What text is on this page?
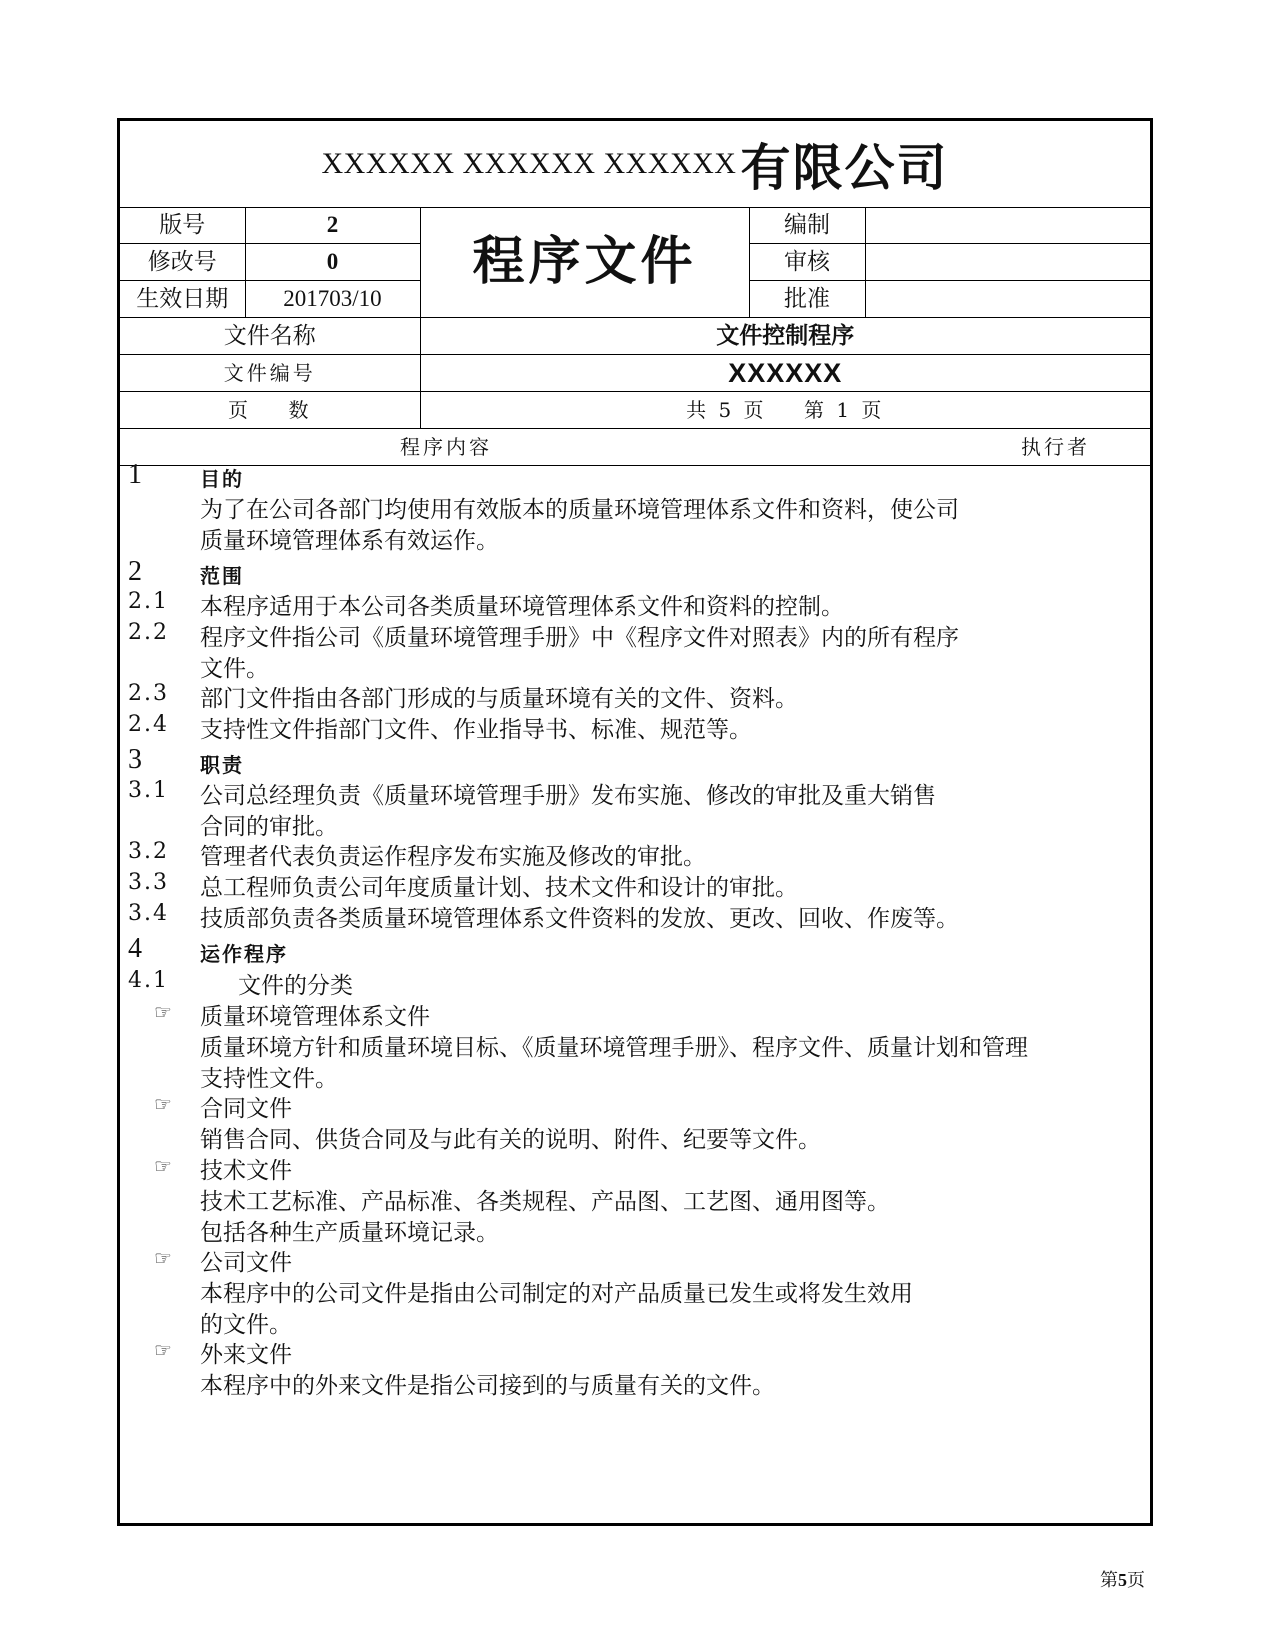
XXXXXX XXXXXX XXXXXX 有限公司
版号	2	程序文件	编制	
修改号	0		审核	
生效日期	201703/10		批准	
文件名称		文件控制程序		
文件编号		XXXXXX		
页    数		共 5 页    第 1 页		
程序内容			执行者	
1	目的
为了在公司各部门均使用有效版本的质量环境管理体系文件和资料，使公司
质量环境管理体系有效运作。
2	范围
2.1 本程序适用于本公司各类质量环境管理体系文件和资料的控制。
2.2 程序文件指公司《质量环境管理手册》中《程序文件对照表》内的所有程序
文件。
2.3 部门文件指由各部门形成的与质量环境有关的文件、资料。
2.4 支持性文件指部门文件、作业指导书、标准、规范等。
3	职责
3.1 公司总经理负责《质量环境管理手册》发布实施、修改的审批及重大销售
合同的审批。
3.2 管理者代表负责运作程序发布实施及修改的审批。
3.3 总工程师负责公司年度质量计划、技术文件和设计的审批。
3.4 技质部负责各类质量环境管理体系文件资料的发放、更改、回收、作废等。
4	运作程序
4.1	文件的分类
☞ 质量环境管理体系文件
质量环境方针和质量环境目标、《质量环境管理手册》、程序文件、质量计划和管理
支持性文件。
☞ 合同文件
销售合同、供货合同及与此有关的说明、附件、纪要等文件。
☞ 技术文件
技术工艺标准、产品标准、各类规程、产品图、工艺图、通用图等。
包括各种生产质量环境记录。
☞ 公司文件
本程序中的公司文件是指由公司制定的对产品质量已发生或将发生效用
的文件。
☞ 外来文件
本程序中的外来文件是指公司接到的与质量有关的文件。
第5页
